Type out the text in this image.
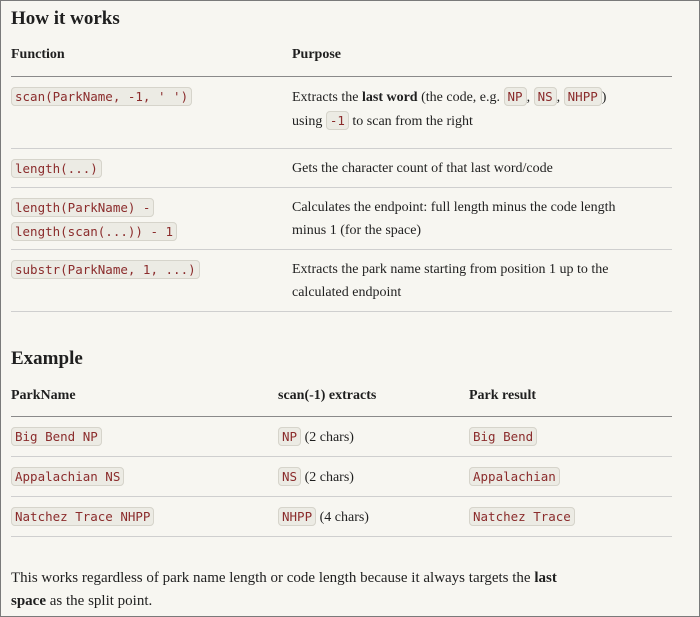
How it works
Function	Purpose
scan(ParkName, -1, ' ')	Extracts the last word (the code, e.g. NP , NS , NHPP )
using -1 to scan from the right
length(...)	Gets the character count of that last word/code
length(ParkName) -
length(scan(...)) - 1	Calculates the endpoint: full length minus the code length
minus 1 (for the space)
substr(ParkName, 1, ...)	Extracts the park name starting from position 1 up to the
calculated endpoint
Example
ParkName	scan(-1) extracts	Park result
Big Bend NP	NP (2 chars)	Big Bend
Appalachian NS	NS (2 chars)	Appalachian
Natchez Trace NHPP	NHPP (4 chars)	Natchez Trace
This works regardless of park name length or code length because it always targets the last
space as the split point.
